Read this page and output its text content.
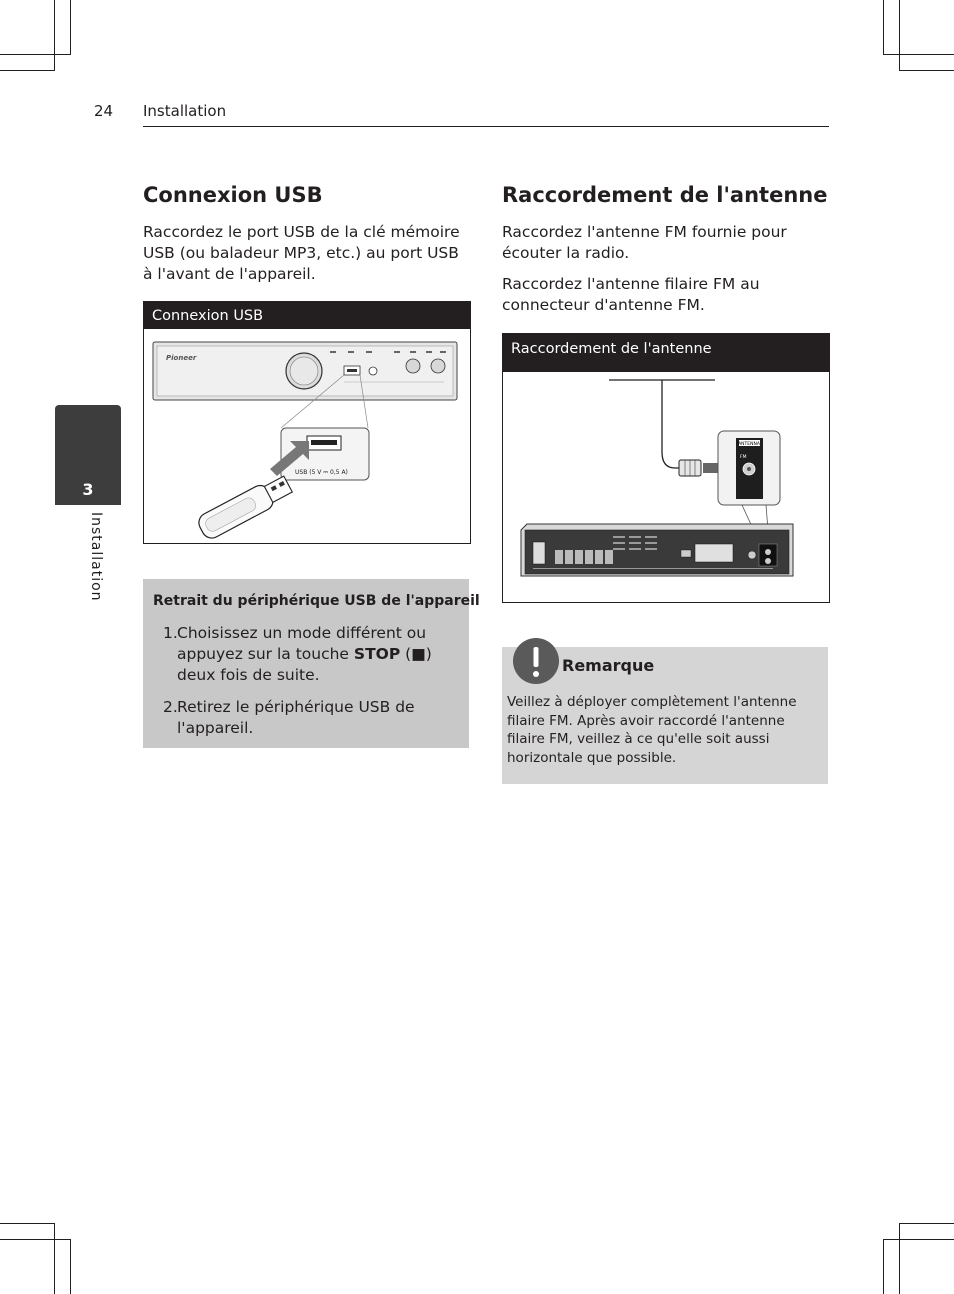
24 Installation
3
Installation
Connexion USB

Raccordez le port USB de la clé mémoire USB (ou baladeur MP3, etc.) au port USB à l'avant de l'appareil.

Connexion USB
Pioneer
USB (5 V ⎓ 0,5 A)
Retrait du périphérique USB de l'appareil
1. Choisissez un mode différent ou appuyez sur la touche STOP (■) deux fois de suite.
2. Retirez le périphérique USB de l'appareil.
Raccordement de l'antenne

Raccordez l'antenne FM fournie pour écouter la radio.

Raccordez l'antenne filaire FM au connecteur d'antenne FM.

Raccordement de l'antenne
ANTENNA
FM
Remarque
Veillez à déployer complètement l'antenne filaire FM. Après avoir raccordé l'antenne filaire FM, veillez à ce qu'elle soit aussi horizontale que possible.
